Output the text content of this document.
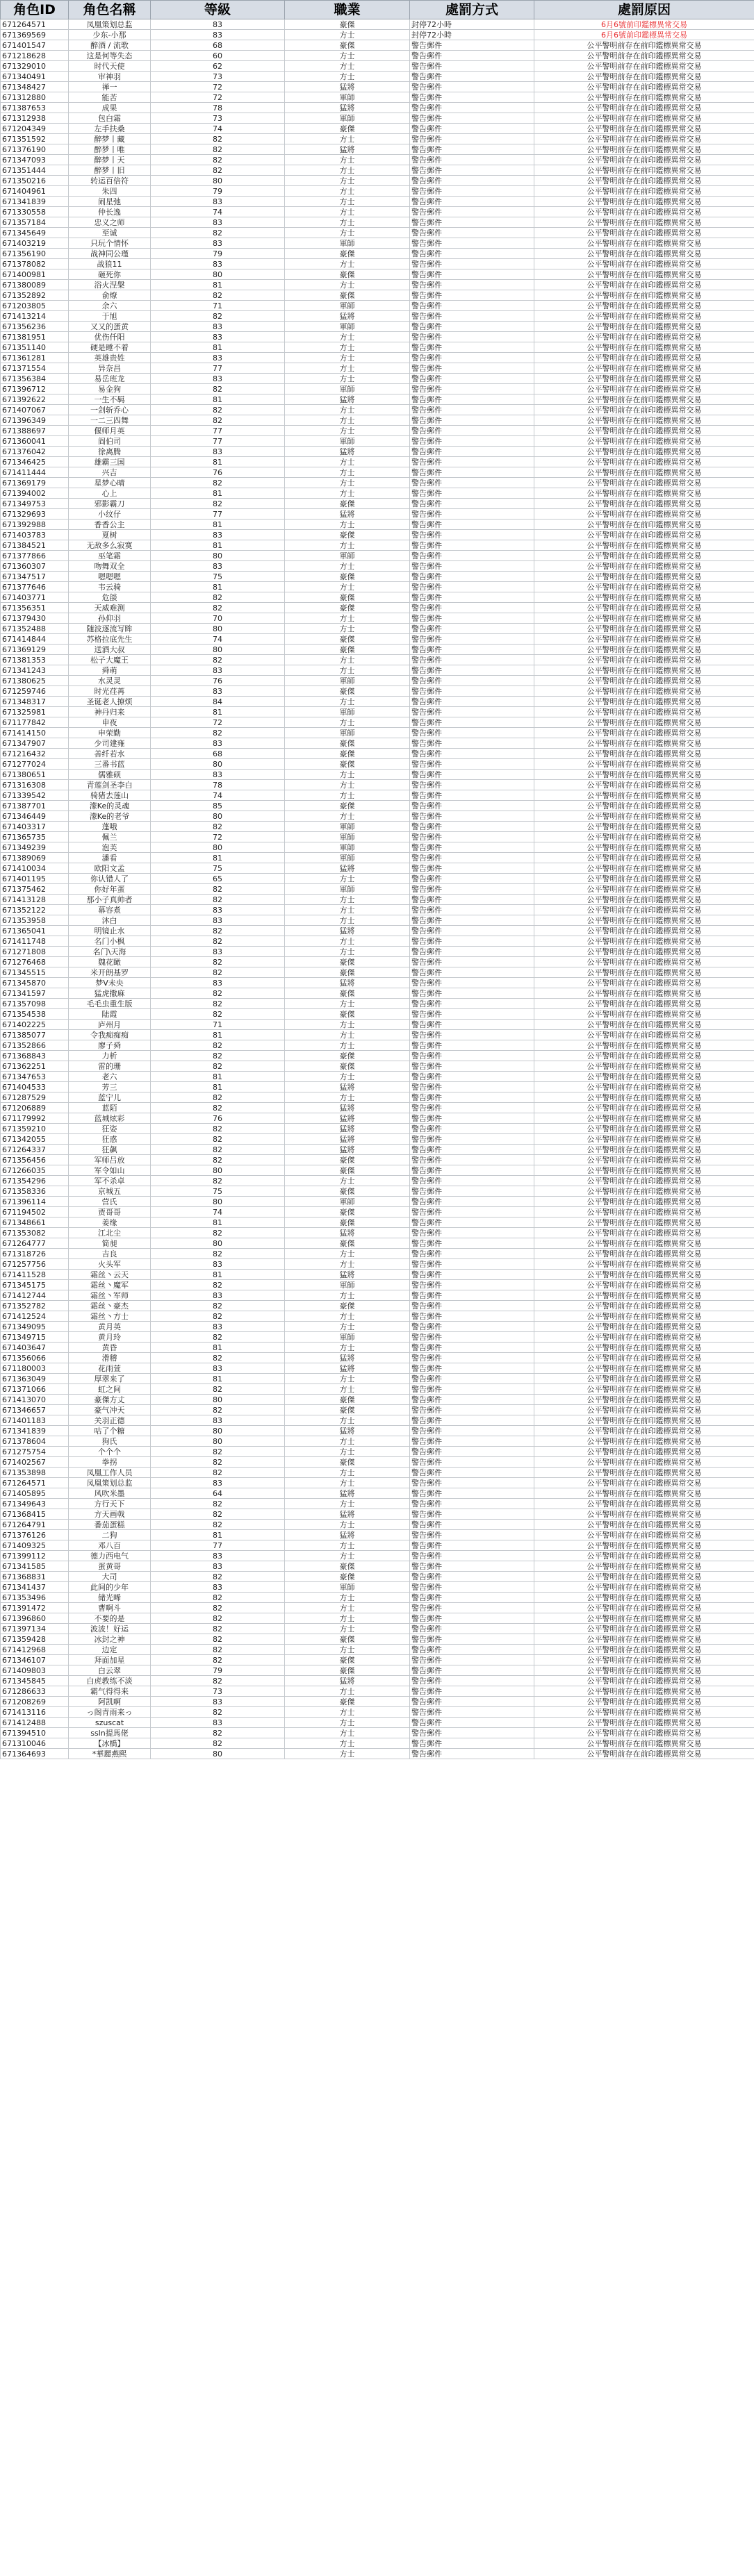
角色ID	角色名稱	等級	職業	處罰方式	處罰原因
671264571	凤凰策划总监	83	豪傑	封停72小時	6月6號前印鑑標異常交易
671369569	少东-小那	83	方士	封停72小時	6月6號前印鑑標異常交易
671401547	醉酒 / 流歌	68	豪傑	警告郵件	公平警明前存在前印鑑標異常交易
671218628	这是何等失态	60	方士	警告郵件	公平警明前存在前印鑑標異常交易
671329010	时代天使	62	方士	警告郵件	公平警明前存在前印鑑標異常交易
671340491	审神羽	73	方士	警告郵件	公平警明前存在前印鑑標異常交易
671348427	禅一	72	猛將	警告郵件	公平警明前存在前印鑑標異常交易
671312880	能苦	72	軍師	警告郵件	公平警明前存在前印鑑標異常交易
671387653	成果	78	猛將	警告郵件	公平警明前存在前印鑑標異常交易
671312938	包白霜	73	軍師	警告郵件	公平警明前存在前印鑑標異常交易
671204349	左手扶桑	74	豪傑	警告郵件	公平警明前存在前印鑑標異常交易
671351592	醉梦丨藏	82	方士	警告郵件	公平警明前存在前印鑑標異常交易
671376190	醉梦丨唯	82	猛將	警告郵件	公平警明前存在前印鑑標異常交易
671347093	醉梦丨天	82	方士	警告郵件	公平警明前存在前印鑑標異常交易
671351444	醉梦丨旧	82	方士	警告郵件	公平警明前存在前印鑑標異常交易
671350216	转运百倍符	80	方士	警告郵件	公平警明前存在前印鑑標異常交易
671404961	朱四	79	方士	警告郵件	公平警明前存在前印鑑標異常交易
671341839	闹星弛	83	方士	警告郵件	公平警明前存在前印鑑標異常交易
671330558	仲长逸	74	方士	警告郵件	公平警明前存在前印鑑標異常交易
671357184	忠义之师	83	方士	警告郵件	公平警明前存在前印鑑標異常交易
671345649	至诚	82	方士	警告郵件	公平警明前存在前印鑑標異常交易
671403219	只玩个情怀	83	軍師	警告郵件	公平警明前存在前印鑑標異常交易
671356190	战神同公瑾	79	豪傑	警告郵件	公平警明前存在前印鑑標異常交易
671378082	战狼11	83	方士	警告郵件	公平警明前存在前印鑑標異常交易
671400981	砸死你	80	豪傑	警告郵件	公平警明前存在前印鑑標異常交易
671380089	浴火涅槃	81	方士	警告郵件	公平警明前存在前印鑑標異常交易
671352892	俞燎	82	豪傑	警告郵件	公平警明前存在前印鑑標異常交易
671203805	余六	71	軍師	警告郵件	公平警明前存在前印鑑標異常交易
671413214	于旭	82	猛將	警告郵件	公平警明前存在前印鑑標異常交易
671356236	又又的蛋黄	83	軍師	警告郵件	公平警明前存在前印鑑標異常交易
671381951	优伤仟阳	83	方士	警告郵件	公平警明前存在前印鑑標異常交易
671351140	硬是睡不着	81	方士	警告郵件	公平警明前存在前印鑑標異常交易
671361281	英雄贵姓	83	方士	警告郵件	公平警明前存在前印鑑標異常交易
671371554	异奈昌	77	方士	警告郵件	公平警明前存在前印鑑標異常交易
671356384	易岳班龙	83	方士	警告郵件	公平警明前存在前印鑑標異常交易
671396712	易金狗	82	軍師	警告郵件	公平警明前存在前印鑑標異常交易
671392622	一生不羁	81	猛將	警告郵件	公平警明前存在前印鑑標異常交易
671407067	一剑斩乔心	82	方士	警告郵件	公平警明前存在前印鑑標異常交易
671396349	一二三四舞	82	方士	警告郵件	公平警明前存在前印鑑標異常交易
671388697	偃师月英	77	方士	警告郵件	公平警明前存在前印鑑標異常交易
671360041	阎伯司	77	軍師	警告郵件	公平警明前存在前印鑑標異常交易
671376042	徐离腾	83	猛將	警告郵件	公平警明前存在前印鑑標異常交易
671346425	雄霸三国	81	方士	警告郵件	公平警明前存在前印鑑標異常交易
671411444	兴吉	76	方士	警告郵件	公平警明前存在前印鑑標異常交易
671369179	星梦心晴	82	方士	警告郵件	公平警明前存在前印鑑標異常交易
671394002	心上	81	方士	警告郵件	公平警明前存在前印鑑標異常交易
671349753	邪影霸刀	82	豪傑	警告郵件	公平警明前存在前印鑑標異常交易
671329693	小纹仔	77	猛將	警告郵件	公平警明前存在前印鑑標異常交易
671392988	香香公主	81	方士	警告郵件	公平警明前存在前印鑑標異常交易
671403783	夏树	83	豪傑	警告郵件	公平警明前存在前印鑑標異常交易
671384521	无敌多么寂寞	81	方士	警告郵件	公平警明前存在前印鑑標異常交易
671377866	巫笔霜	80	軍師	警告郵件	公平警明前存在前印鑑標異常交易
671360307	吻舞双全	83	方士	警告郵件	公平警明前存在前印鑑標異常交易
671347517	嗯嗯嗯	75	豪傑	警告郵件	公平警明前存在前印鑑標異常交易
671377646	韦云骑	81	方士	警告郵件	公平警明前存在前印鑑標異常交易
671403771	危燄	82	豪傑	警告郵件	公平警明前存在前印鑑標異常交易
671356351	天威难测	82	豪傑	警告郵件	公平警明前存在前印鑑標異常交易
671379430	孙仰羽	70	方士	警告郵件	公平警明前存在前印鑑標異常交易
671352488	随波逐流写眸	80	方士	警告郵件	公平警明前存在前印鑑標異常交易
671414844	苏格拉底先生	74	豪傑	警告郵件	公平警明前存在前印鑑標異常交易
671369129	送酒大叔	80	豪傑	警告郵件	公平警明前存在前印鑑標異常交易
671381353	松子大魔王	82	方士	警告郵件	公平警明前存在前印鑑標異常交易
671341243	舜萌	83	方士	警告郵件	公平警明前存在前印鑑標異常交易
671380625	水灵灵	76	軍師	警告郵件	公平警明前存在前印鑑標異常交易
671259746	时光荏苒	83	豪傑	警告郵件	公平警明前存在前印鑑標異常交易
671348317	圣诞老人撩烦	84	方士	警告郵件	公平警明前存在前印鑑標異常交易
671325981	神丹归来	81	軍師	警告郵件	公平警明前存在前印鑑標異常交易
671177842	申夜	72	方士	警告郵件	公平警明前存在前印鑑標異常交易
671414150	申荣勤	82	軍師	警告郵件	公平警明前存在前印鑑標異常交易
671347907	少司建雍	83	豪傑	警告郵件	公平警明前存在前印鑑標異常交易
671216432	善纤若水	68	豪傑	警告郵件	公平警明前存在前印鑑標異常交易
671277024	三番书蓝	80	豪傑	警告郵件	公平警明前存在前印鑑標異常交易
671380651	儒雅硕	83	方士	警告郵件	公平警明前存在前印鑑標異常交易
671316308	青莲剑圣李白	78	方士	警告郵件	公平警明前存在前印鑑標異常交易
671339542	骑猪去莲山	74	方士	警告郵件	公平警明前存在前印鑑標異常交易
671387701	濛Ke的灵魂	85	豪傑	警告郵件	公平警明前存在前印鑑標異常交易
671346449	濛Ke的老爷	80	方士	警告郵件	公平警明前存在前印鑑標異常交易
671403317	蓬哦	82	軍師	警告郵件	公平警明前存在前印鑑標異常交易
671365735	佩兰	72	軍師	警告郵件	公平警明前存在前印鑑標異常交易
671349239	泡芙	80	軍師	警告郵件	公平警明前存在前印鑑標異常交易
671389069	潘看	81	軍師	警告郵件	公平警明前存在前印鑑標異常交易
671410034	欧阳文孟	75	猛將	警告郵件	公平警明前存在前印鑑標異常交易
671401195	你认错人了	65	方士	警告郵件	公平警明前存在前印鑑標異常交易
671375462	你好年蛋	82	軍師	警告郵件	公平警明前存在前印鑑標異常交易
671413128	那小子真帅者	82	方士	警告郵件	公平警明前存在前印鑑標異常交易
671352122	幕容煮	83	方士	警告郵件	公平警明前存在前印鑑標異常交易
671353958	沐白	83	方士	警告郵件	公平警明前存在前印鑑標異常交易
671365041	明镜止水	82	猛將	警告郵件	公平警明前存在前印鑑標異常交易
671411748	名门小枫	82	方士	警告郵件	公平警明前存在前印鑑標異常交易
671271808	名门\天海	83	方士	警告郵件	公平警明前存在前印鑑標異常交易
671276468	魏花瞰	82	豪傑	警告郵件	公平警明前存在前印鑑標異常交易
671345515	米开朗基罗	82	豪傑	警告郵件	公平警明前存在前印鑑標異常交易
671345870	梦V未央	83	猛將	警告郵件	公平警明前存在前印鑑標異常交易
671341597	猛虎撒麻	82	豪傑	警告郵件	公平警明前存在前印鑑標異常交易
671357098	毛毛虫重生版	82	方士	警告郵件	公平警明前存在前印鑑標異常交易
671354538	陆霞	82	豪傑	警告郵件	公平警明前存在前印鑑標異常交易
671402225	庐州月	71	方士	警告郵件	公平警明前存在前印鑑標異常交易
671385077	令我痴痴痴	81	方士	警告郵件	公平警明前存在前印鑑標異常交易
671352866	廖子舜	82	方士	警告郵件	公平警明前存在前印鑑標異常交易
671368843	力析	82	豪傑	警告郵件	公平警明前存在前印鑑標異常交易
671362251	雷的珊	82	豪傑	警告郵件	公平警明前存在前印鑑標異常交易
671347653	老六	81	方士	警告郵件	公平警明前存在前印鑑標異常交易
671404533	芳三	81	猛將	警告郵件	公平警明前存在前印鑑標異常交易
671287529	蓝宁儿	82	方士	警告郵件	公平警明前存在前印鑑標異常交易
671206889	蓝陌	82	猛將	警告郵件	公平警明前存在前印鑑標異常交易
671179992	蓝城炫彩	76	猛將	警告郵件	公平警明前存在前印鑑標異常交易
671359210	狂姿	82	猛將	警告郵件	公平警明前存在前印鑑標異常交易
671342055	狂惑	82	猛將	警告郵件	公平警明前存在前印鑑標異常交易
671264337	狂飙	82	猛將	警告郵件	公平警明前存在前印鑑標異常交易
671356456	军师吕放	82	豪傑	警告郵件	公平警明前存在前印鑑標異常交易
671266035	军令如山	80	豪傑	警告郵件	公平警明前存在前印鑑標異常交易
671354296	军不杀卓	82	方士	警告郵件	公平警明前存在前印鑑標異常交易
671358336	京城五	75	豪傑	警告郵件	公平警明前存在前印鑑標異常交易
671396114	营氏	80	軍師	警告郵件	公平警明前存在前印鑑標異常交易
671194502	贾哥哥	74	豪傑	警告郵件	公平警明前存在前印鑑標異常交易
671348661	姜缘	81	豪傑	警告郵件	公平警明前存在前印鑑標異常交易
671353082	江北尘	82	猛將	警告郵件	公平警明前存在前印鑑標異常交易
671264777	简昶	80	豪傑	警告郵件	公平警明前存在前印鑑標異常交易
671318726	吉良	82	方士	警告郵件	公平警明前存在前印鑑標異常交易
671257756	火头军	83	方士	警告郵件	公平警明前存在前印鑑標異常交易
671411528	霜丝丶云天	81	猛將	警告郵件	公平警明前存在前印鑑標異常交易
671345175	霜丝丶魔军	82	軍師	警告郵件	公平警明前存在前印鑑標異常交易
671412744	霜丝丶军师	83	方士	警告郵件	公平警明前存在前印鑑標異常交易
671352782	霜丝丶豪杰	82	豪傑	警告郵件	公平警明前存在前印鑑標異常交易
671412524	霜丝丶方士	82	方士	警告郵件	公平警明前存在前印鑑標異常交易
671349095	黄月英	83	方士	警告郵件	公平警明前存在前印鑑標異常交易
671349715	黄月玲	82	軍師	警告郵件	公平警明前存在前印鑑標異常交易
671403647	黄昏	81	方士	警告郵件	公平警明前存在前印鑑標異常交易
671356066	滑稽	82	猛將	警告郵件	公平警明前存在前印鑑標異常交易
671180003	花雨萱	83	猛將	警告郵件	公平警明前存在前印鑑標異常交易
671363049	厚翠来了	81	方士	警告郵件	公平警明前存在前印鑑標異常交易
671371066	虹之间	82	方士	警告郵件	公平警明前存在前印鑑標異常交易
671413070	豪傑方丈	80	豪傑	警告郵件	公平警明前存在前印鑑標異常交易
671346657	豪气冲天	82	豪傑	警告郵件	公平警明前存在前印鑑標異常交易
671401183	关羽正德	83	方士	警告郵件	公平警明前存在前印鑑標異常交易
671341839	咕了个糖	80	猛將	警告郵件	公平警明前存在前印鑑標異常交易
671378604	狗氏	80	方士	警告郵件	公平警明前存在前印鑑標異常交易
671275754	个个个	82	方士	警告郵件	公平警明前存在前印鑑標異常交易
671402567	拳拐	82	豪傑	警告郵件	公平警明前存在前印鑑標異常交易
671353898	凤凰工作人员	82	方士	警告郵件	公平警明前存在前印鑑標異常交易
671264571	凤凰策划总监	83	方士	警告郵件	公平警明前存在前印鑑標異常交易
671405895	风吹米墨	64	猛將	警告郵件	公平警明前存在前印鑑標異常交易
671349643	方行天下	82	方士	警告郵件	公平警明前存在前印鑑標異常交易
671368415	方天画戟	82	猛將	警告郵件	公平警明前存在前印鑑標異常交易
671264791	番茄蛋糕	82	方士	警告郵件	公平警明前存在前印鑑標異常交易
671376126	二狗	81	猛將	警告郵件	公平警明前存在前印鑑標異常交易
671409325	邓八百	77	方士	警告郵件	公平警明前存在前印鑑標異常交易
671399112	德力西电气	83	方士	警告郵件	公平警明前存在前印鑑標異常交易
671341585	蛋黄哥	83	豪傑	警告郵件	公平警明前存在前印鑑標異常交易
671368831	大司	82	豪傑	警告郵件	公平警明前存在前印鑑標異常交易
671341437	此间的少年	83	軍師	警告郵件	公平警明前存在前印鑑標異常交易
671353496	储光晞	82	方士	警告郵件	公平警明前存在前印鑑標異常交易
671391472	曹啊斗	82	方士	警告郵件	公平警明前存在前印鑑標異常交易
671396860	不要的是	82	方士	警告郵件	公平警明前存在前印鑑標異常交易
671397134	波波！好运	82	方士	警告郵件	公平警明前存在前印鑑標異常交易
671359428	冰封之神	82	豪傑	警告郵件	公平警明前存在前印鑑標異常交易
671412968	边定	82	方士	警告郵件	公平警明前存在前印鑑標異常交易
671346107	拜面加星	82	豪傑	警告郵件	公平警明前存在前印鑑標異常交易
671409803	白云翠	79	豪傑	警告郵件	公平警明前存在前印鑑標異常交易
671345845	白虎教练不淡	82	猛將	警告郵件	公平警明前存在前印鑑標異常交易
671286633	霸气得得来	73	方士	警告郵件	公平警明前存在前印鑑標異常交易
671208269	阿凯啊	83	豪傑	警告郵件	公平警明前存在前印鑑標異常交易
671413116	っ阁青雨来っ	82	方士	警告郵件	公平警明前存在前印鑑標異常交易
671412488	szuscat	83	方士	警告郵件	公平警明前存在前印鑑標異常交易
671394510	ssln提馬佬	82	方士	警告郵件	公平警明前存在前印鑑標異常交易
671310046	【冰橋】	82	方士	警告郵件	公平警明前存在前印鑑標異常交易
671364693	*華麗燕熙	80	方士	警告郵件	公平警明前存在前印鑑標異常交易
